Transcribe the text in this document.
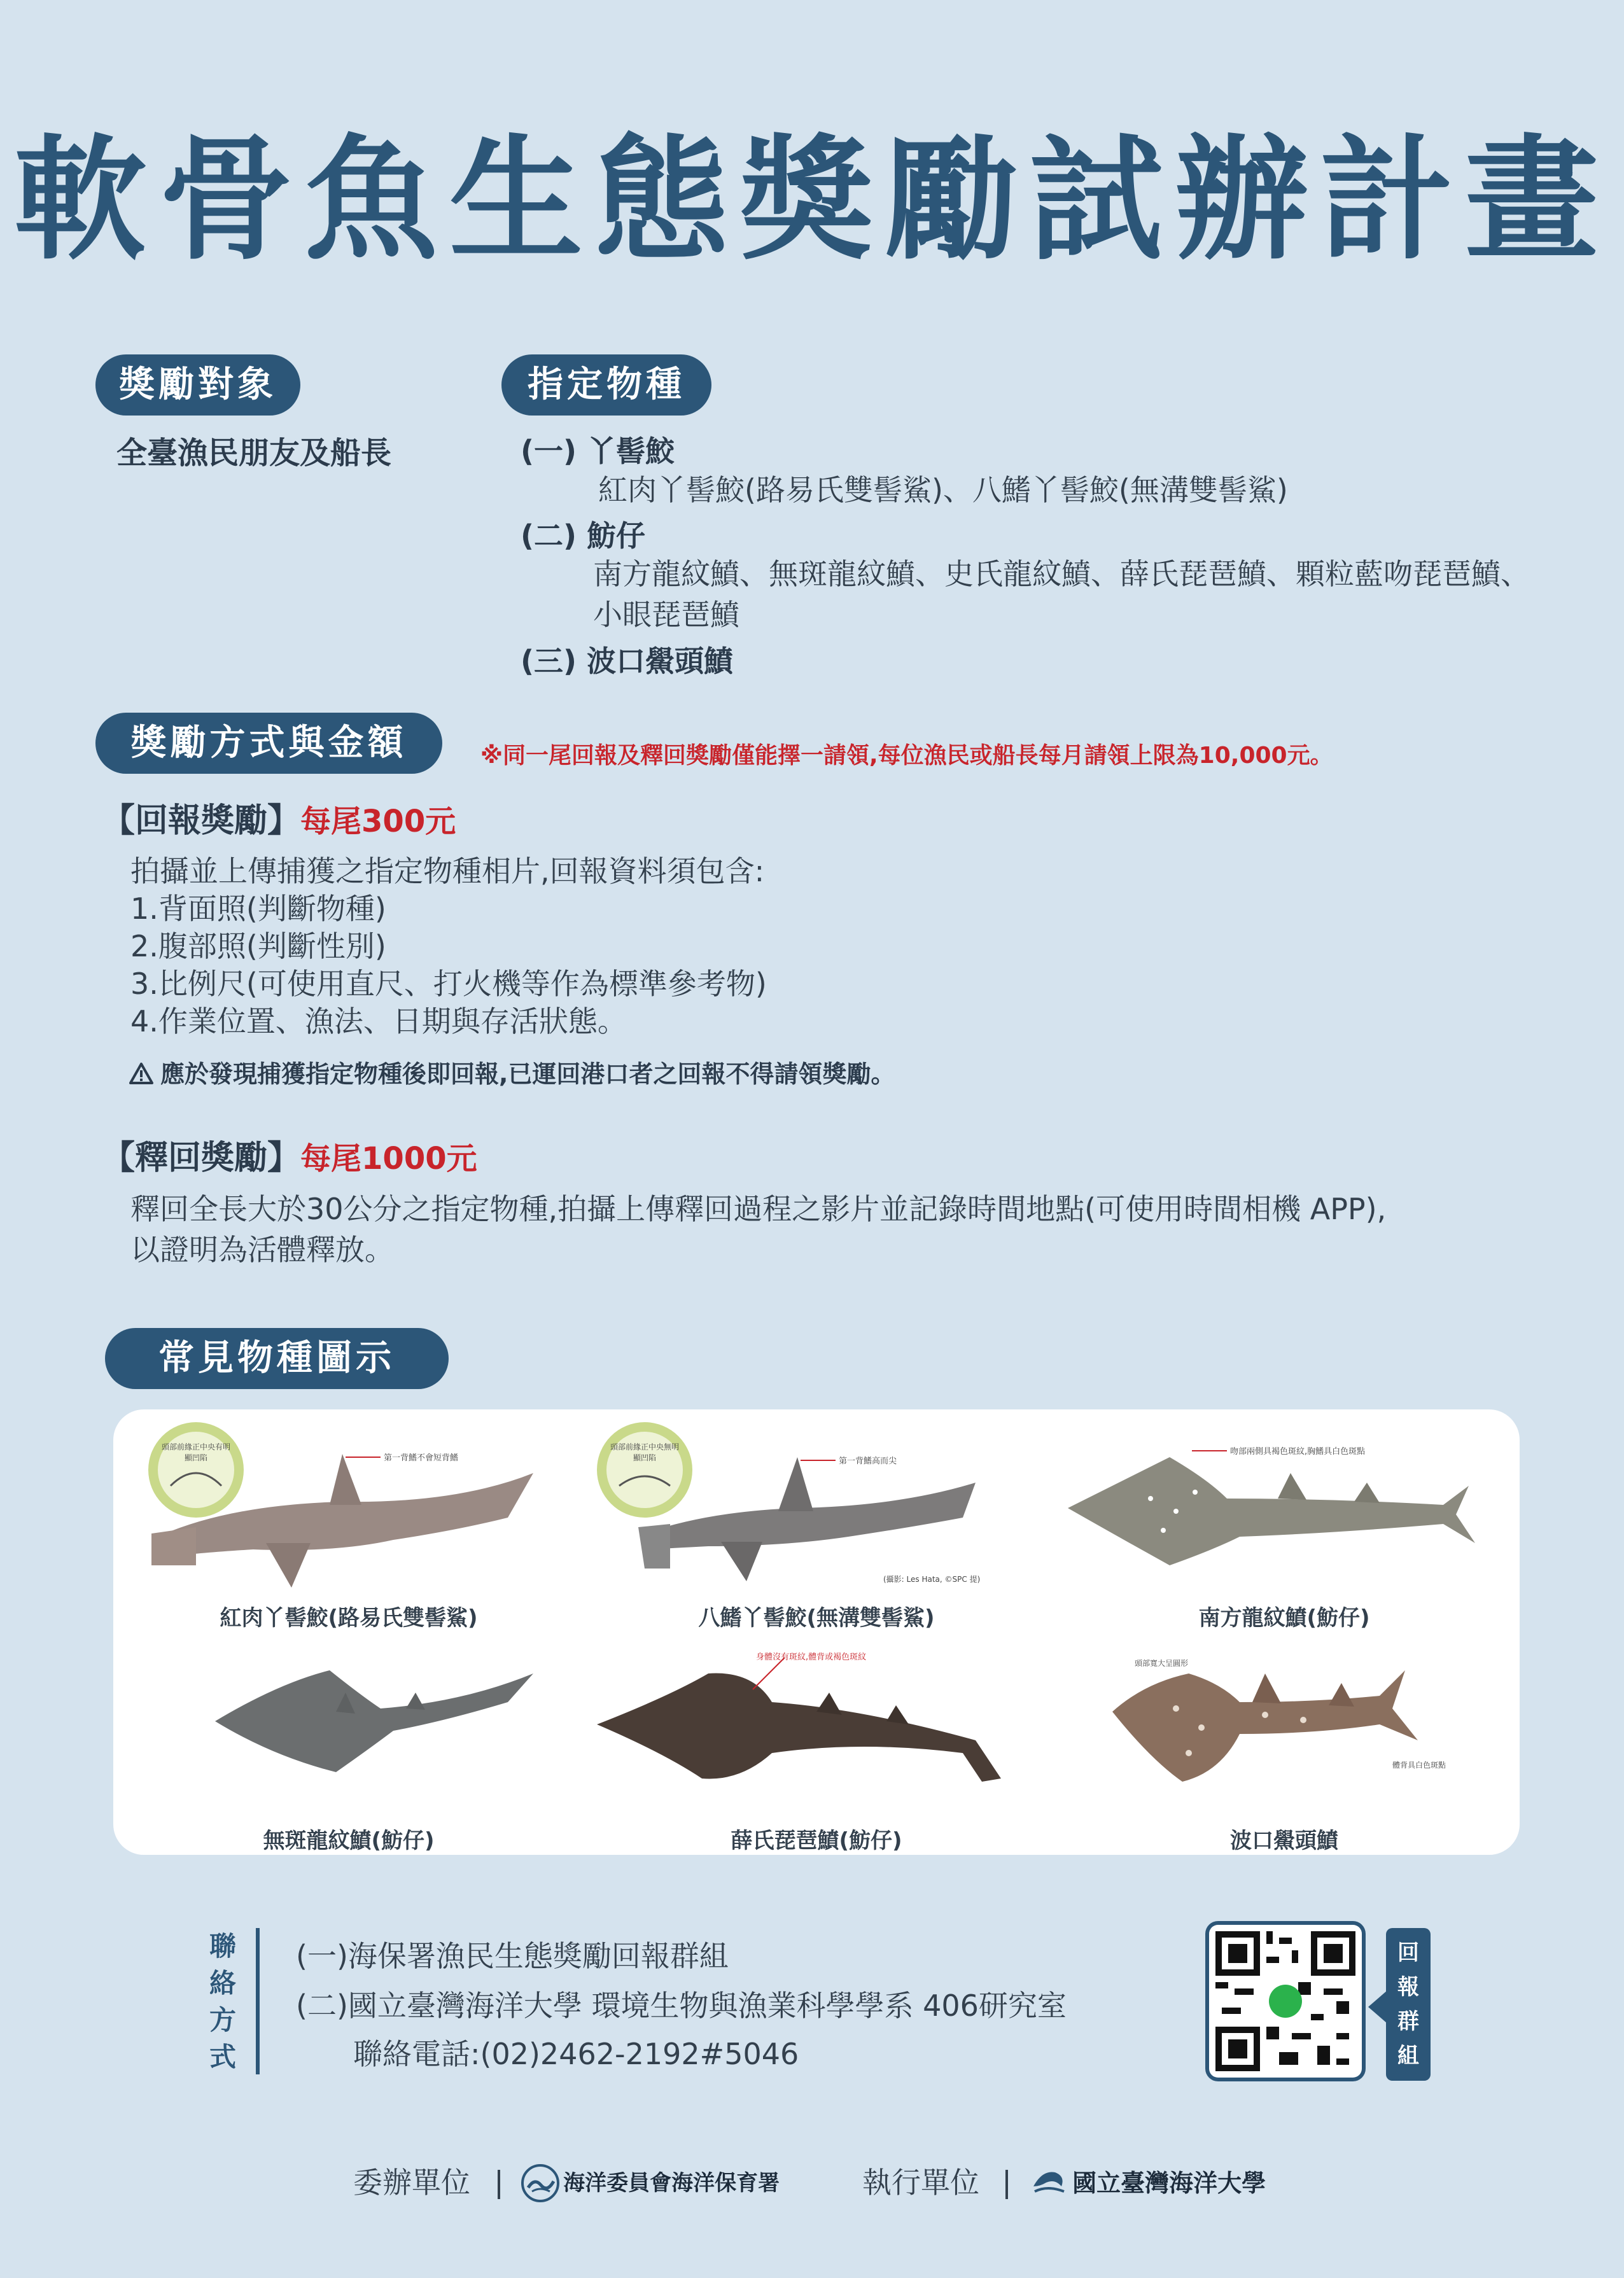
軟骨魚生態獎勵試辦計畫
獎勵對象
全臺漁民朋友及船長
指定物種
(一) 丫髻鮫
紅肉丫髻鮫(路易氏雙髻鯊)、八鰭丫髻鮫(無溝雙髻鯊)
(二) 魴仔
南方龍紋鱝、無斑龍紋鱝、史氏龍紋鱝、薛氏琵琶鱝、顆粒藍吻琵琶鱝、
小眼琵琶鱝
(三) 波口鱟頭鱝
獎勵方式與金額	※同一尾回報及釋回獎勵僅能擇一請領,每位漁民或船長每月請領上限為10,000元。
【回報獎勵】每尾300元
拍攝並上傳捕獲之指定物種相片,回報資料須包含:
1.背面照(判斷物種)
2.腹部照(判斷性別)
3.比例尺(可使用直尺、打火機等作為標準參考物)
4.作業位置、漁法、日期與存活狀態。
應於發現捕獲指定物種後即回報,已運回港口者之回報不得請領獎勵。
【釋回獎勵】每尾1000元
釋回全長大於30公分之指定物種,拍攝上傳釋回過程之影片並記錄時間地點(可使用時間相機 APP),
以證明為活體釋放。
常見物種圖示
頭部前緣正中央有明顯凹陷	第一背鰭不會短背鰭
紅肉丫髻鮫(路易氏雙髻鯊)
頭部前緣正中央無明顯凹陷	第一背鰭高而尖
(攝影: Les Hata, ©SPC 提)
八鰭丫髻鮫(無溝雙髻鯊)
吻部兩側具褐色斑紋,胸鰭具白色斑點
南方龍紋鱝(魴仔)
無斑龍紋鱝(魴仔)
身體沒有斑紋,體背或褐色斑紋
薛氏琵琶鱝(魴仔)
頭部寬大呈圓形
體背具白色斑點
波口鱟頭鱝
聯
絡
方
式
(一)海保署漁民生態獎勵回報群組
(二)國立臺灣海洋大學 環境生物與漁業科學學系 406研究室
聯絡電話:(02)2462-2192#5046
回
報
群
組
委辦單位	海洋委員會海洋保育署	執行單位	國立臺灣海洋大學
